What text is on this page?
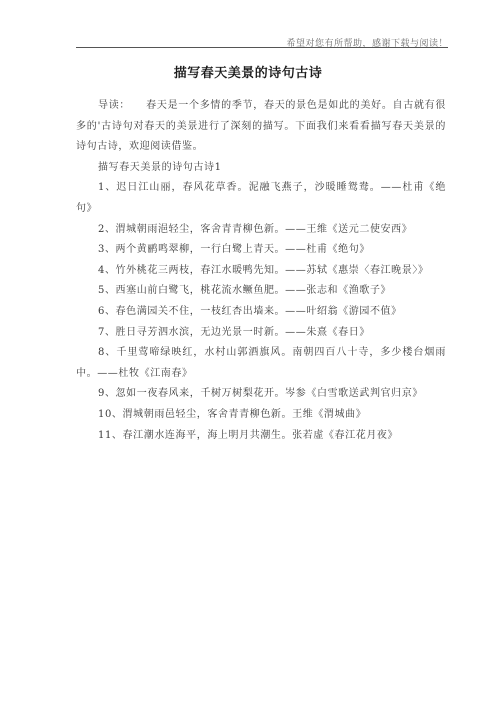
希望对您有所帮助，感谢下载与阅读！
描写春天美景的诗句古诗

导读： 春天是一个多情的季节，春天的景色是如此的美好。自古就有很多的'古诗句对春天的美景进行了深刻的描写。下面我们来看看描写春天美景的诗句古诗，欢迎阅读借鉴。

描写春天美景的诗句古诗1

1、迟日江山丽，春风花草香。泥融飞燕子，沙暖睡鸳鸯。——杜甫《绝句》

2、渭城朝雨浥轻尘，客舍青青柳色新。——王维《送元二使安西》

3、两个黄鹂鸣翠柳，一行白鹭上青天。——杜甫《绝句》

4、竹外桃花三两枝，春江水暖鸭先知。——苏轼《惠崇〈春江晚景〉》

5、西塞山前白鹭飞，桃花流水鳜鱼肥。——张志和《渔歌子》

6、春色满园关不住，一枝红杏出墙来。——叶绍翁《游园不值》

7、胜日寻芳泗水滨，无边光景一时新。——朱熹《春日》

8、千里莺啼绿映红，水村山郭酒旗风。南朝四百八十寺，多少楼台烟雨中。——杜牧《江南春》

9、忽如一夜春风来，千树万树梨花开。岑参《白雪歌送武判官归京》

10、渭城朝雨邑轻尘，客舍青青柳色新。王维《渭城曲》

11、春江潮水连海平，海上明月共潮生。张若虚《春江花月夜》
